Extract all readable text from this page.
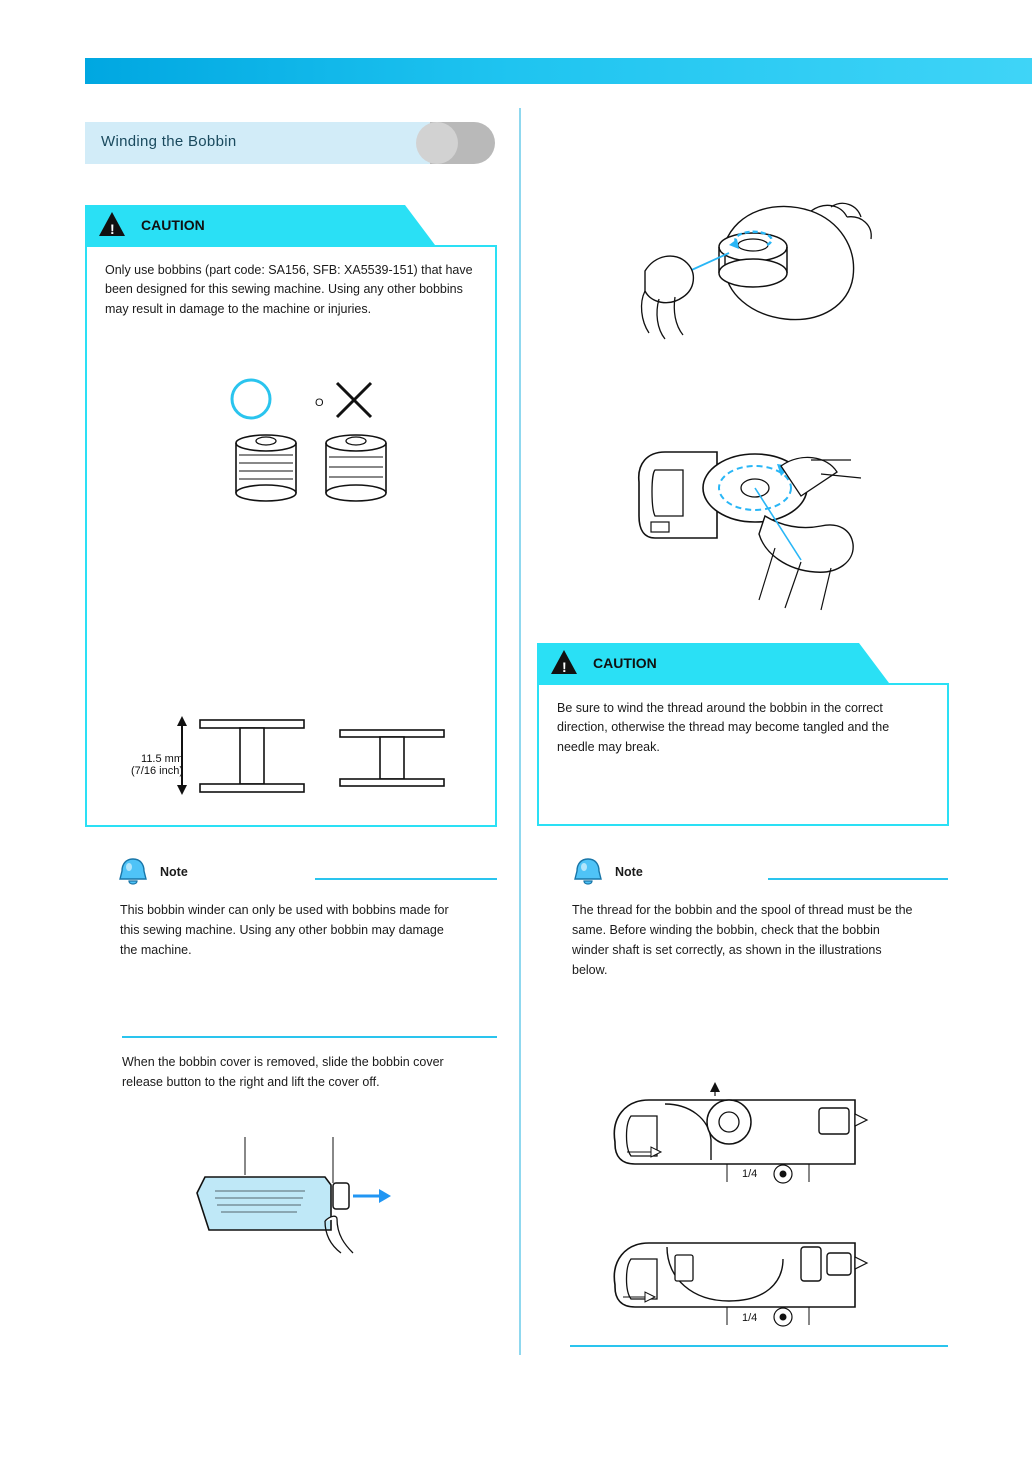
Winding the Bobbin
! CAUTION
Only use bobbins (part code: SA156, SFB: XA5539-151) that have
been designed for this sewing machine. Using any other bobbins
may result in damage to the machine or injuries.
O
11.5 mm (7/16 inch)
Note
This bobbin winder can only be used with bobbins made for
this sewing machine. Using any other bobbin may damage
the machine.
When the bobbin cover is removed, slide the bobbin cover
release button to the right and lift the cover off.
! CAUTION
Be sure to wind the thread around the bobbin in the correct
direction, otherwise the thread may become tangled and the
needle may break.
Note
The thread for the bobbin and the spool of thread must be the
same. Before winding the bobbin, check that the bobbin
winder shaft is set correctly, as shown in the illustrations
below.
1/4
1/4
